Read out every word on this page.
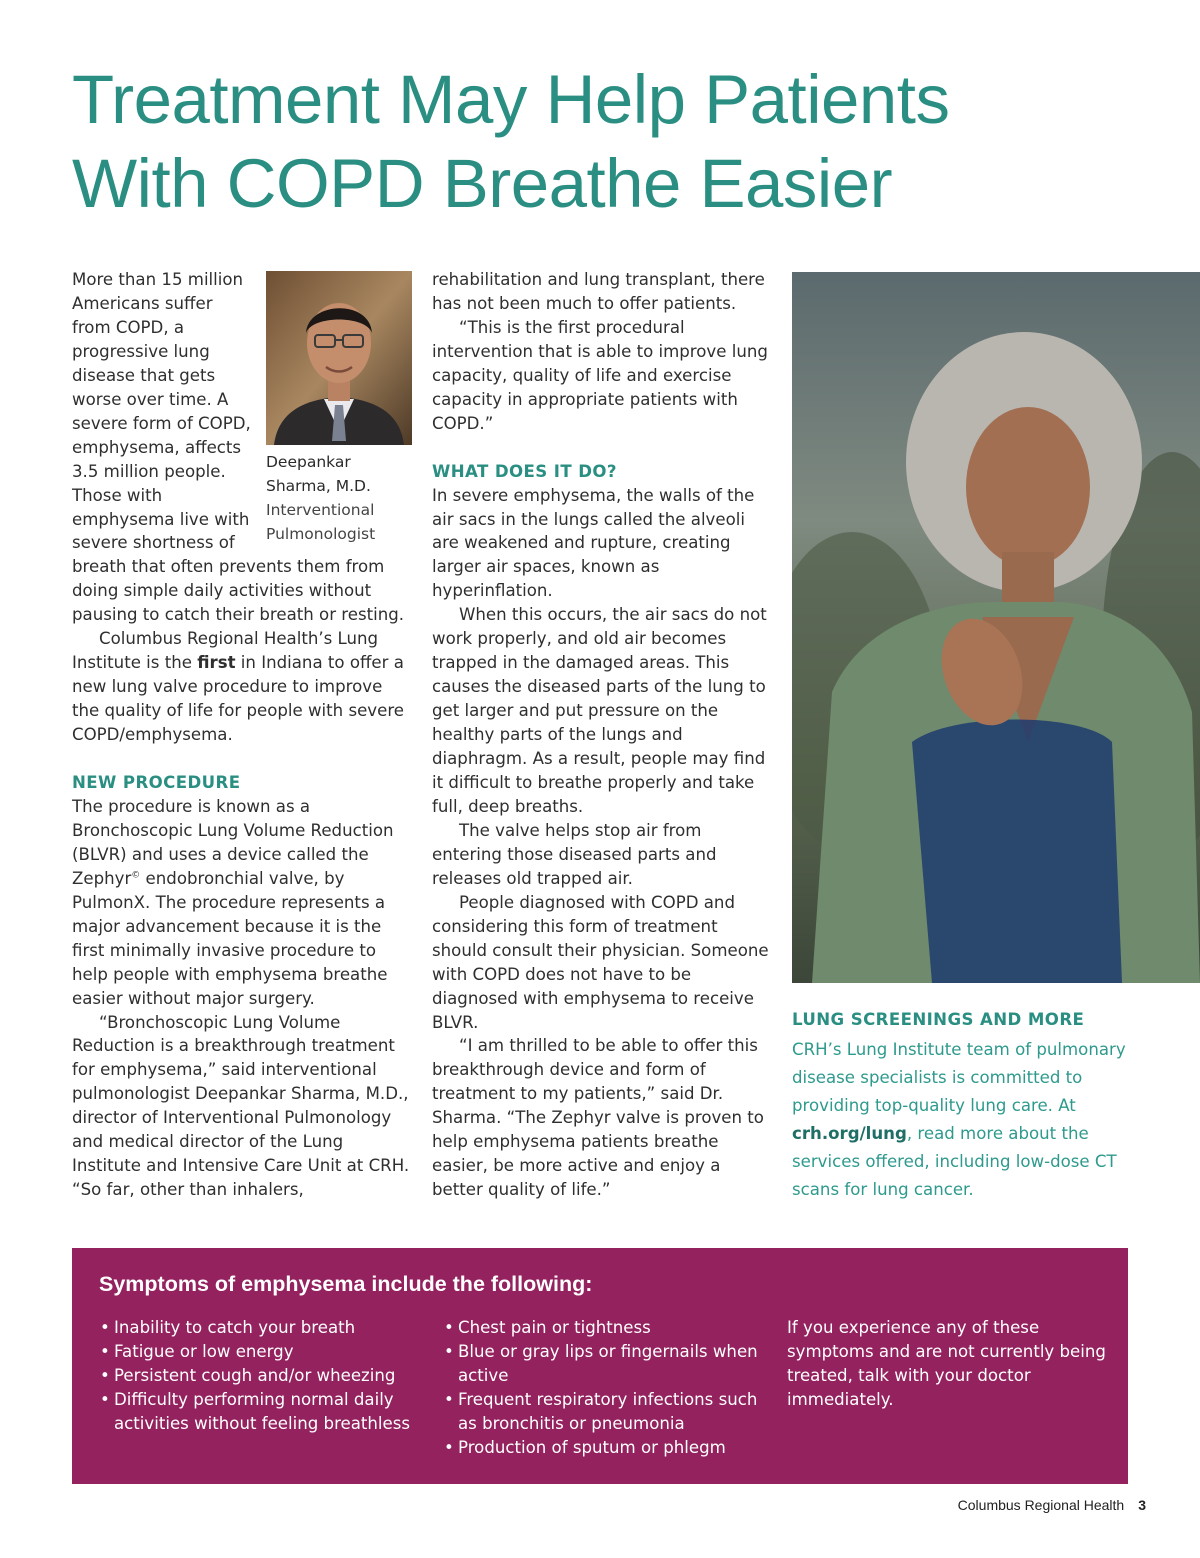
Treatment May Help Patients
With COPD Breathe Easier
Deepankar
Sharma, M.D.
Interventional
Pulmonologist

More than 15 million Americans suffer from COPD, a progressive lung disease that gets worse over time. A severe form of COPD, emphysema, affects 3.5 million people. Those with emphysema live with severe shortness of breath that often prevents them from doing simple daily activities without pausing to catch their breath or resting.

Columbus Regional Health’s Lung Institute is the first in Indiana to offer a new lung valve procedure to improve the quality of life for people with severe COPD/emphysema.

NEW PROCEDURE

The procedure is known as a Bronchoscopic Lung Volume Reduction (BLVR) and uses a device called the Zephyr© endobronchial valve, by PulmonX. The procedure represents a major advancement because it is the first minimally invasive procedure to help people with emphysema breathe easier without major surgery.

“Bronchoscopic Lung Volume Reduction is a breakthrough treatment for emphysema,” said interventional pulmonologist Deepankar Sharma, M.D., director of Interventional Pulmonology and medical director of the Lung Institute and Intensive Care Unit at CRH. “So far, other than inhalers,

rehabilitation and lung transplant, there has not been much to offer patients.

“This is the first procedural intervention that is able to improve lung capacity, quality of life and exercise capacity in appropriate patients with COPD.”

WHAT DOES IT DO?

In severe emphysema, the walls of the air sacs in the lungs called the alveoli are weakened and rupture, creating larger air spaces, known as hyperinflation.

When this occurs, the air sacs do not work properly, and old air becomes trapped in the damaged areas. This causes the diseased parts of the lung to get larger and put pressure on the healthy parts of the lungs and diaphragm. As a result, people may find it difficult to breathe properly and take full, deep breaths.

The valve helps stop air from entering those diseased parts and releases old trapped air.

People diagnosed with COPD and considering this form of treatment should consult their physician. Someone with COPD does not have to be diagnosed with emphysema to receive BLVR.

“I am thrilled to be able to offer this breakthrough device and form of treatment to my patients,” said Dr. Sharma. “The Zephyr valve is proven to help emphysema patients breathe easier, be more active and enjoy a better quality of life.”

LUNG SCREENINGS AND MORE

CRH’s Lung Institute team of pulmonary disease specialists is committed to providing top-quality lung care. At crh.org/lung, read more about the services offered, including low-dose CT scans for lung cancer.

Symptoms of emphysema include the following:
• Inability to catch your breath
• Fatigue or low energy
• Persistent cough and/or wheezing
• Difficulty performing normal daily activities without feeling breathless
• Chest pain or tightness
• Blue or gray lips or fingernails when active
• Frequent respiratory infections such as bronchitis or pneumonia
• Production of sputum or phlegm
If you experience any of these symptoms and are not currently being treated, talk with your doctor immediately.
Columbus Regional Health 3
